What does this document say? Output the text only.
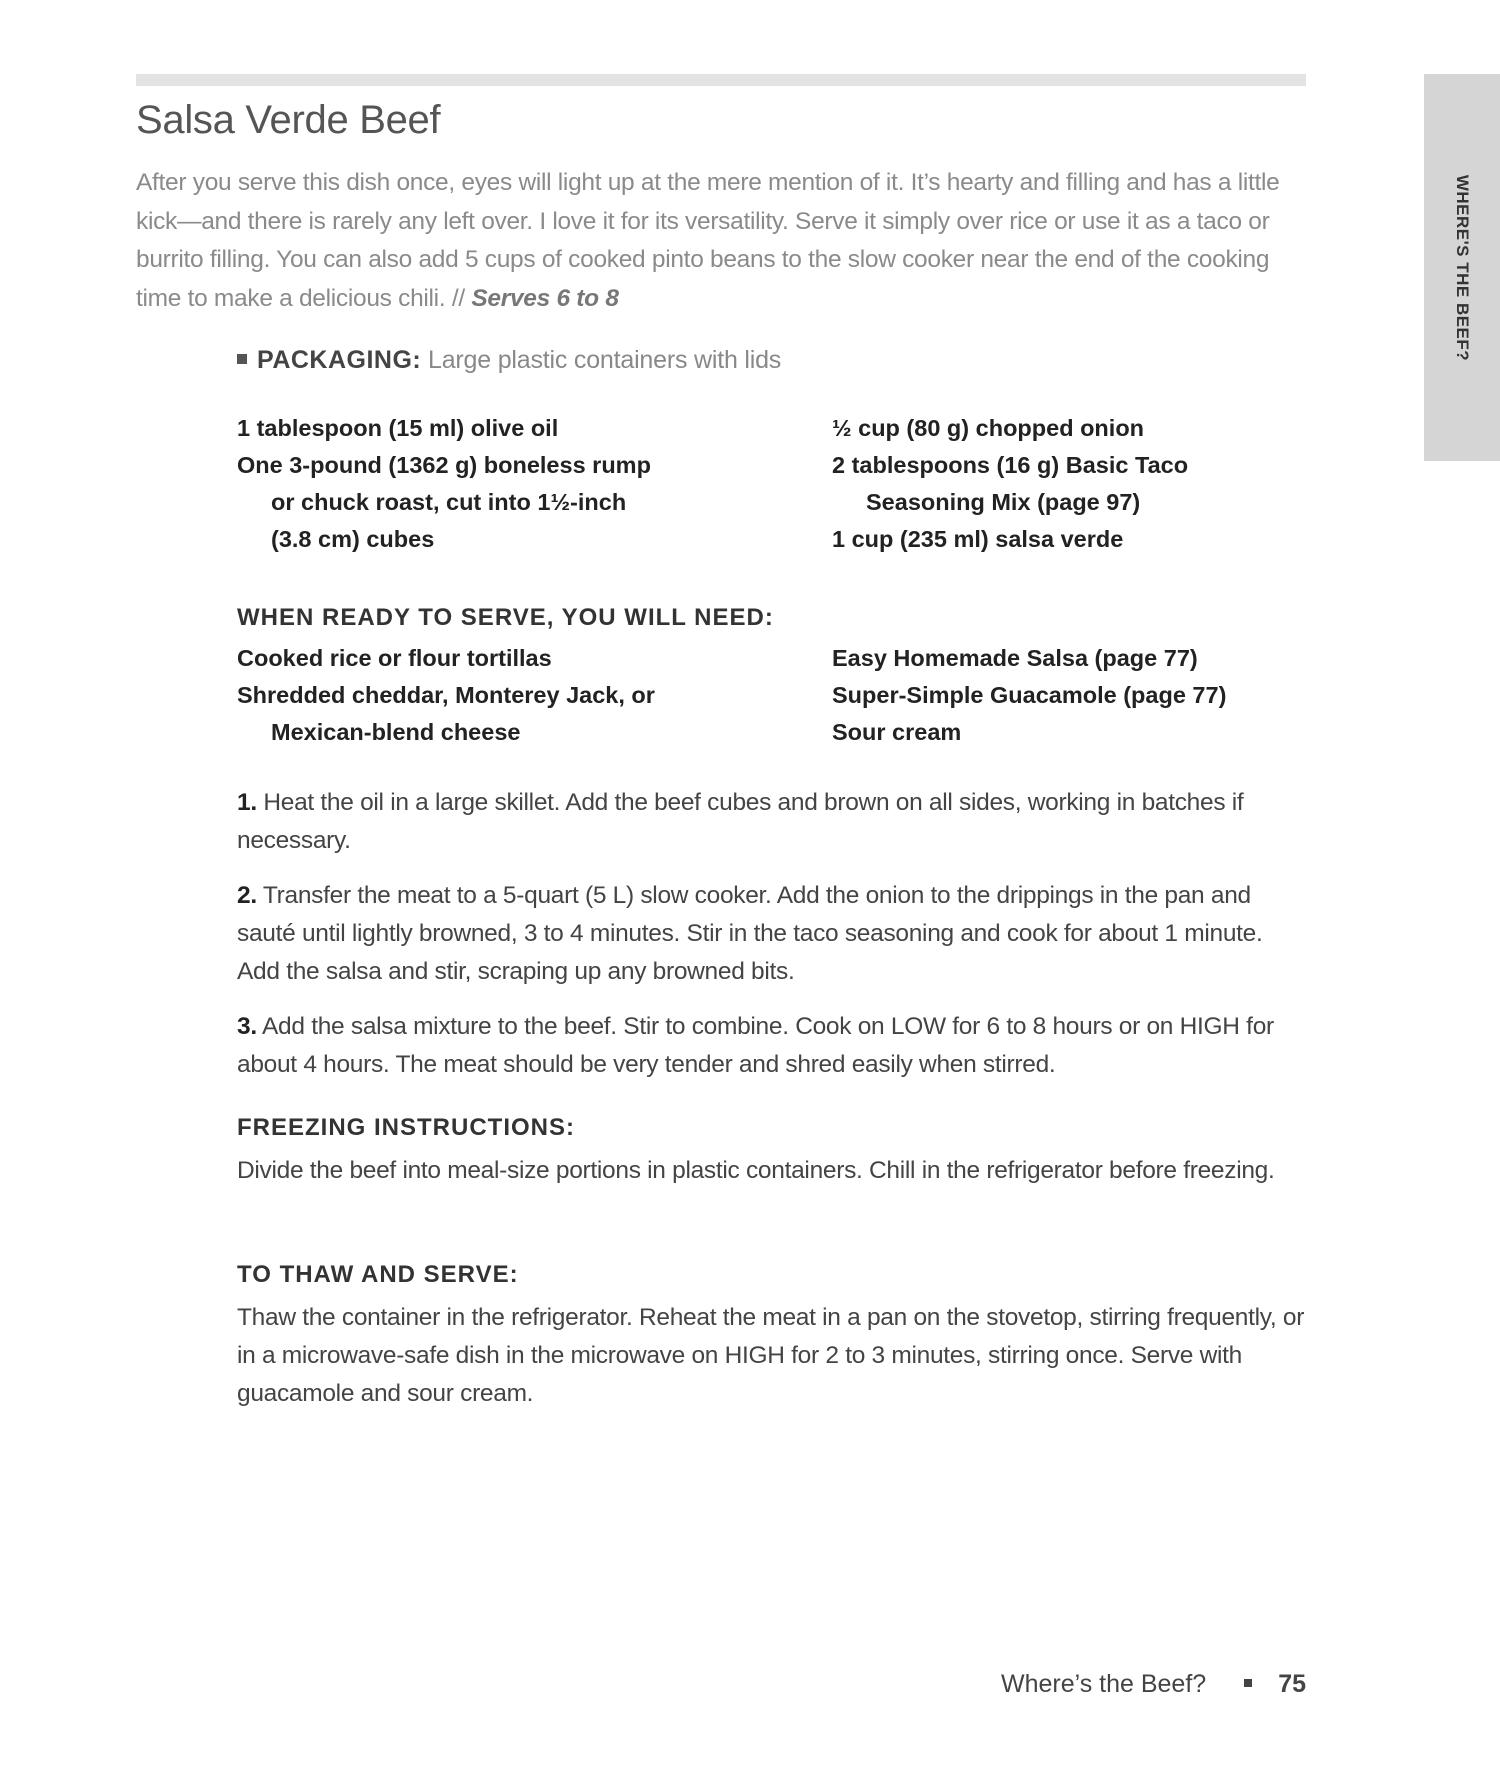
WHERE'S THE BEEF?
Salsa Verde Beef

After you serve this dish once, eyes will light up at the mere mention of it. It’s hearty and filling and has a little kick—and there is rarely any left over. I love it for its versatility. Serve it simply over rice or use it as a taco or burrito filling. You can also add 5 cups of cooked pinto beans to the slow cooker near the end of the cooking time to make a delicious chili. // Serves 6 to 8

PACKAGING: Large plastic containers with lids
1 tablespoon (15 ml) olive oil
One 3-pound (1362 g) boneless rump or chuck roast, cut into 1½-inch (3.8 cm) cubes
½ cup (80 g) chopped onion
2 tablespoons (16 g) Basic Taco Seasoning Mix (page 97)
1 cup (235 ml) salsa verde
WHEN READY TO SERVE, YOU WILL NEED:
Cooked rice or flour tortillas
Shredded cheddar, Monterey Jack, or Mexican-blend cheese
Easy Homemade Salsa (page 77)
Super-Simple Guacamole (page 77)
Sour cream
1. Heat the oil in a large skillet. Add the beef cubes and brown on all sides, working in batches if necessary.
2. Transfer the meat to a 5-quart (5 L) slow cooker. Add the onion to the drippings in the pan and sauté until lightly browned, 3 to 4 minutes. Stir in the taco seasoning and cook for about 1 minute. Add the salsa and stir, scraping up any browned bits.
3. Add the salsa mixture to the beef. Stir to combine. Cook on LOW for 6 to 8 hours or on HIGH for about 4 hours. The meat should be very tender and shred easily when stirred.
FREEZING INSTRUCTIONS:

Divide the beef into meal-size portions in plastic containers. Chill in the refrigerator before freezing.

TO THAW AND SERVE:

Thaw the container in the refrigerator. Reheat the meat in a pan on the stovetop, stirring frequently, or in a microwave-safe dish in the microwave on HIGH for 2 to 3 minutes, stirring once. Serve with guacamole and sour cream.

Where’s the Beef?	75
